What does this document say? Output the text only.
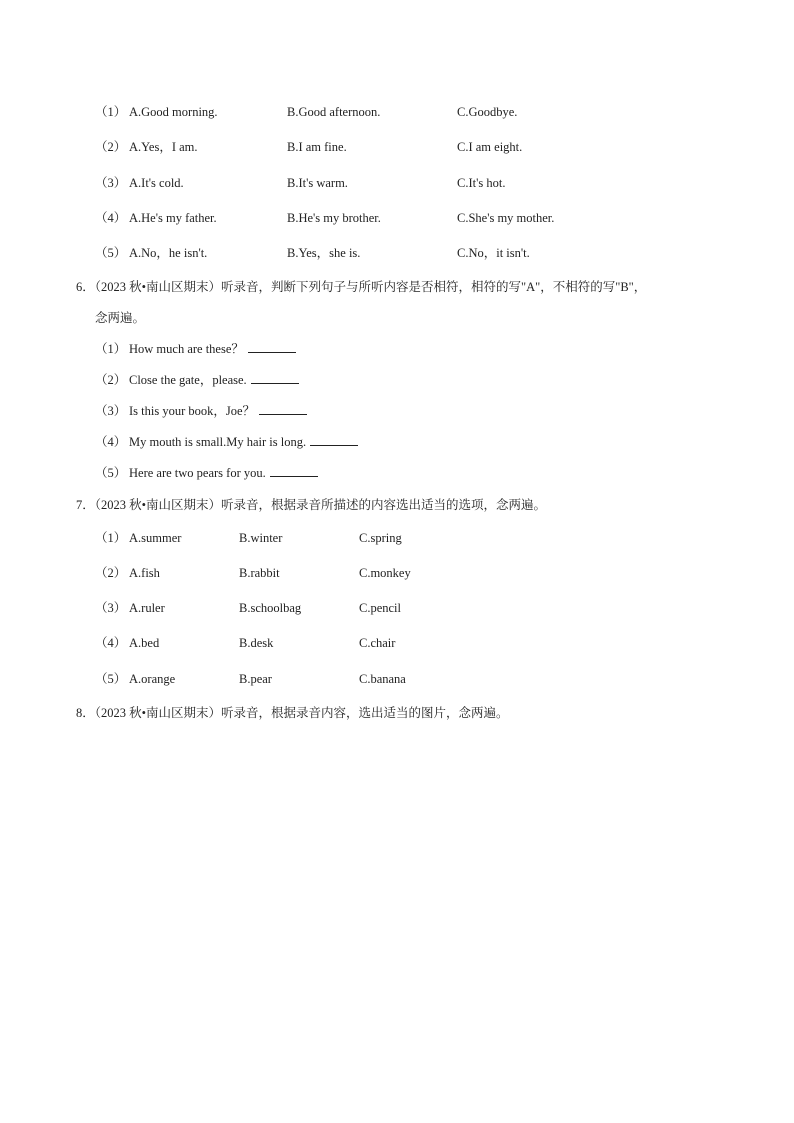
（1） A.Good morning.	B.Good afternoon.	C.Goodbye.
（2） A.Yes，I am.	B.I am fine.	C.I am eight.
（3） A.It's cold.	B.It's warm.	C.It's hot.
（4） A.He's my father.	B.He's my brother.	C.She's my mother.
（5） A.No，he isn't.	B.Yes，she is.	C.No，it isn't.
6．（2023 秋•南山区期末）听录音，判断下列句子与所听内容是否相符，相符的写"A"，不相符的写"B"，
念两遍。
（1） How much are these？
（2） Close the gate，please.
（3） Is this your book，Joe？
（4） My mouth is small.My hair is long.
（5） Here are two pears for you.
7．（2023 秋•南山区期末）听录音，根据录音所描述的内容选出适当的选项，念两遍。
（1） A.summer	B.winter	C.spring
（2） A.fish	B.rabbit	C.monkey
（3） A.ruler	B.schoolbag	C.pencil
（4） A.bed	B.desk	C.chair
（5） A.orange	B.pear	C.banana
8．（2023 秋•南山区期末）听录音，根据录音内容，选出适当的图片，念两遍。
